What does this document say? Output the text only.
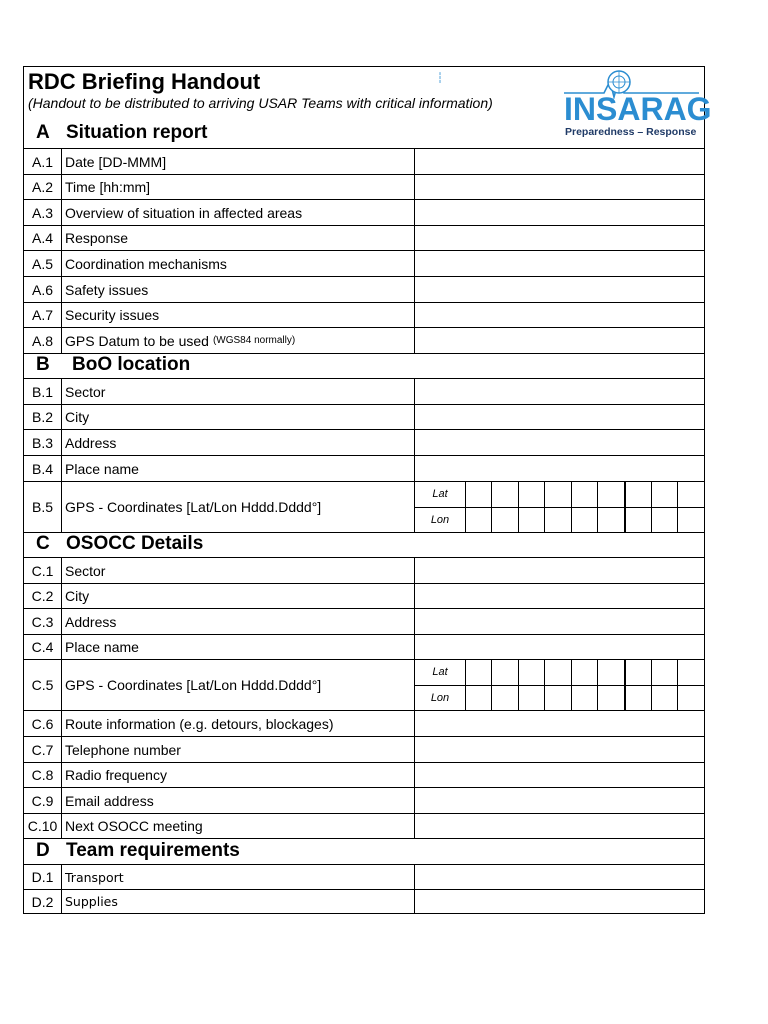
RDC Briefing Handout
(Handout to be distributed to arriving USAR Teams with critical information)
┆
INSARAG
Preparedness – Response
A Situation report
A.1 Date [DD-MMM]
A.2 Time [hh:mm]
A.3 Overview of situation in affected areas
A.4 Response
A.5 Coordination mechanisms
A.6 Safety issues
A.7 Security issues
A.8 GPS Datum to be used (WGS84 normally)
B BoO location
B.1 Sector
B.2 City
B.3 Address
B.4 Place name
B.5 GPS - Coordinates [Lat/Lon Hddd.Dddd°]
Lat
Lon
C OSOCC Details
C.1 Sector
C.2 City
C.3 Address
C.4 Place name
C.5 GPS - Coordinates [Lat/Lon Hddd.Dddd°]
Lat
Lon
C.6 Route information (e.g. detours, blockages)
C.7 Telephone number
C.8 Radio frequency
C.9 Email address
C.10 Next OSOCC meeting
D Team requirements
D.1 Transport
D.2 Supplies
